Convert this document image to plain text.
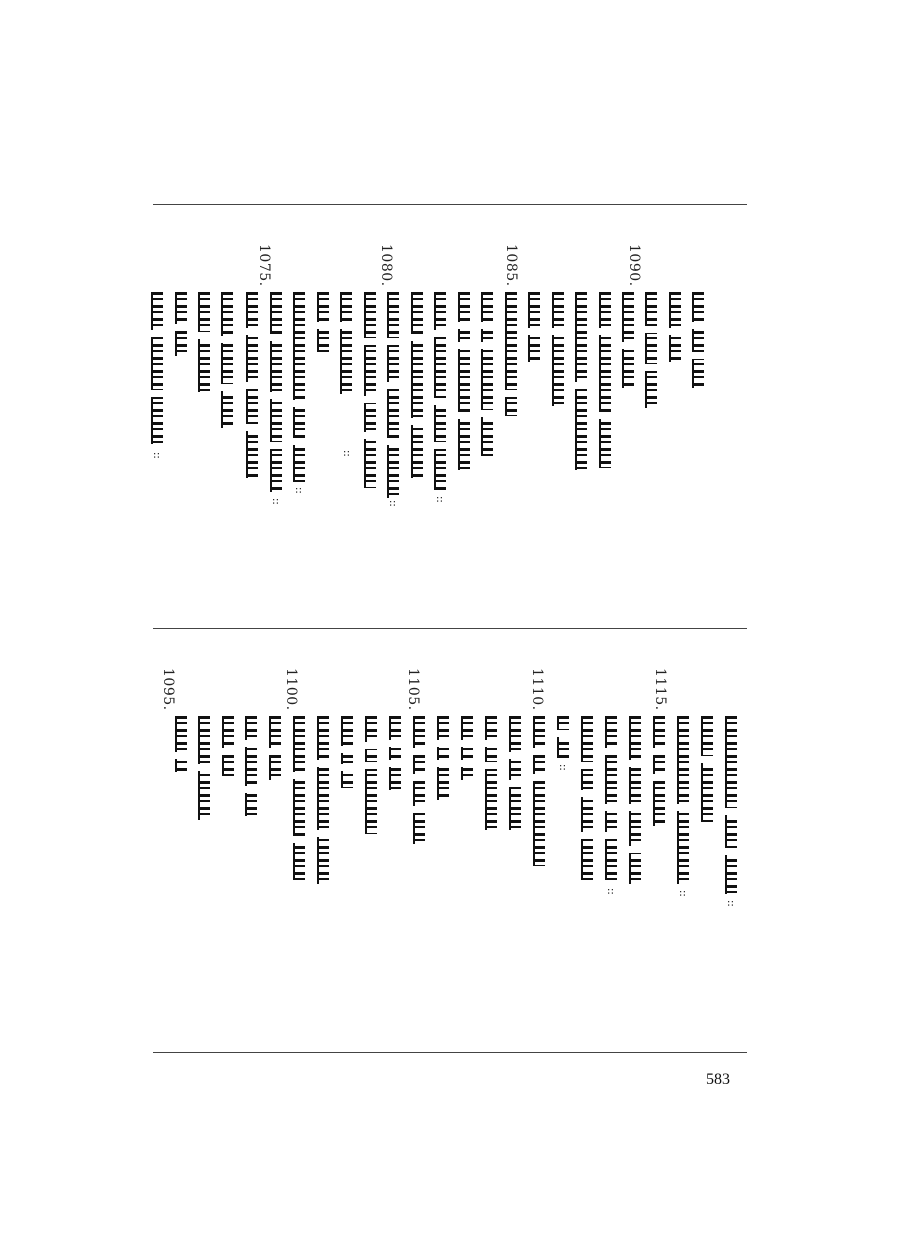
1075.	1080.	1085.	1090.
::
::
::
::
::
::
1095.	1100.	1105.	1110.	1115.
::
::	::
::
583
